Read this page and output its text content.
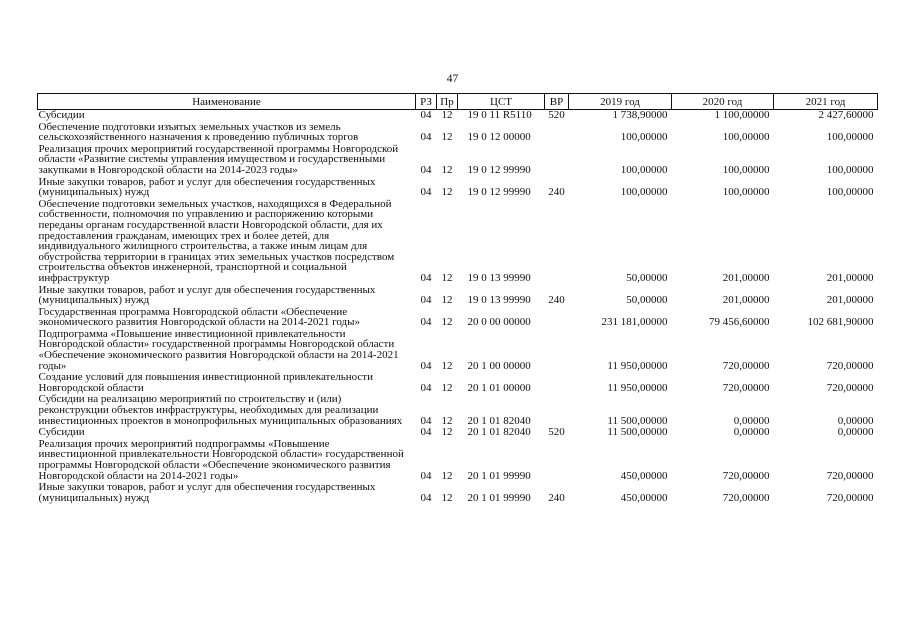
47
Наименование	РЗ	Пр	ЦСТ	ВР	2019 год	2020 год	2021 год
Субсидии	04	12	19 0 11 R5110	520	1 738,90000	1 100,00000	2 427,60000
Обеспечение подготовки изъятых земельных участков из земель сельскохозяйственного назначения к проведению публичных торгов	04	12	19 0 12 00000		100,00000	100,00000	100,00000
Реализация прочих мероприятий государственной программы Новгородской области «Развитие системы управления имуществом и государственными закупками в Новгородской области на 2014-2023 годы»	04	12	19 0 12 99990		100,00000	100,00000	100,00000
Иные закупки товаров, работ и услуг для обеспечения государственных (муниципальных) нужд	04	12	19 0 12 99990	240	100,00000	100,00000	100,00000
Обеспечение подготовки земельных участков, находящихся в Федеральной собственности, полномочия по управлению и распоряжению которыми переданы органам государственной власти Новгородской области, для их предоставления гражданам, имеющих трех и более детей, для индивидуального жилищного строительства, а также иным лицам для обустройства территории в границах этих земельных участков посредством строительства объектов инженерной, транспортной и социальной инфраструктур	04	12	19 0 13 99990		50,00000	201,00000	201,00000
Иные закупки товаров, работ и услуг для обеспечения государственных (муниципальных) нужд	04	12	19 0 13 99990	240	50,00000	201,00000	201,00000
Государственная программа Новгородской области «Обеспечение экономического развития Новгородской области на 2014-2021 годы»	04	12	20 0 00 00000		231 181,00000	79 456,60000	102 681,90000
Подпрограмма «Повышение инвестиционной привлекательности Новгородской области» государственной программы Новгородской области «Обеспечение экономического развития Новгородской области на 2014-2021 годы»	04	12	20 1 00 00000		11 950,00000	720,00000	720,00000
Создание условий для повышения инвестиционной привлекательности Новгородской области	04	12	20 1 01 00000		11 950,00000	720,00000	720,00000
Субсидии на реализацию мероприятий по строительству и (или) реконструкции объектов инфраструктуры, необходимых для реализации инвестиционных проектов в монопрофильных муниципальных образованиях	04	12	20 1 01 82040		11 500,00000	0,00000	0,00000
Субсидии	04	12	20 1 01 82040	520	11 500,00000	0,00000	0,00000
Реализация прочих мероприятий подпрограммы «Повышение инвестиционной привлекательности Новгородской области» государственной программы Новгородской области «Обеспечение экономического развития Новгородской области на 2014-2021 годы»	04	12	20 1 01 99990		450,00000	720,00000	720,00000
Иные закупки товаров, работ и услуг для обеспечения государственных (муниципальных) нужд	04	12	20 1 01 99990	240	450,00000	720,00000	720,00000
